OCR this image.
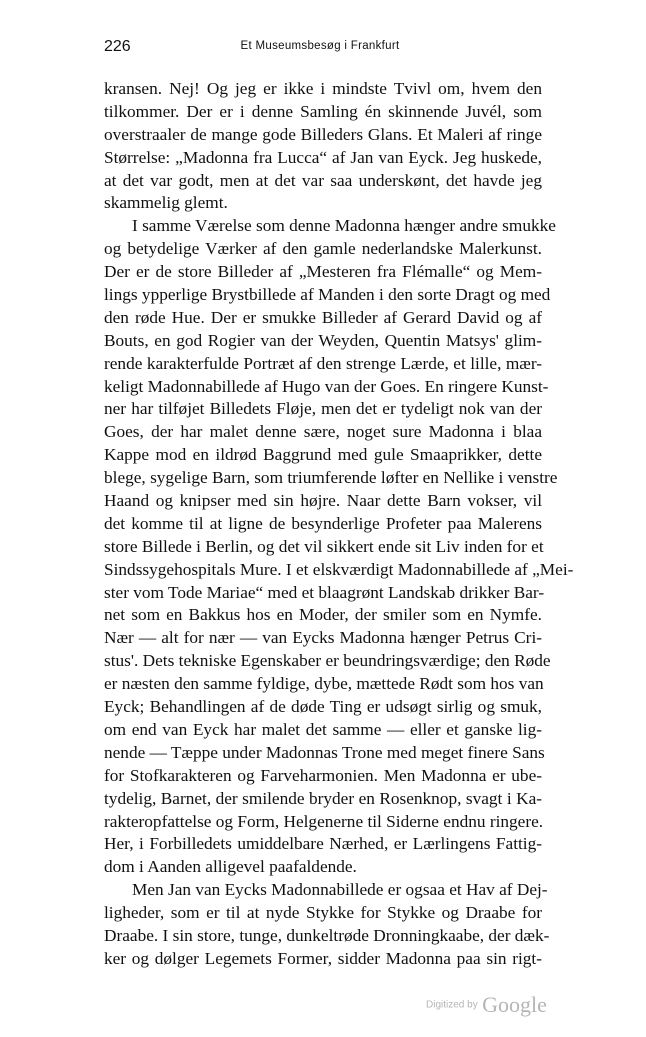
226	Et Museumsbesøg i Frankfurt
kransen. Nej! Og jeg er ikke i mindste Tvivl om, hvem den
tilkommer. Der er i denne Samling én skinnende Juvél, som
overstraaler de mange gode Billeders Glans. Et Maleri af ringe
Størrelse: „Madonna fra Lucca“ af Jan van Eyck. Jeg huskede,
at det var godt, men at det var saa underskønt, det havde jeg
skammelig glemt.
I samme Værelse som denne Madonna hænger andre smukke
og betydelige Værker af den gamle nederlandske Malerkunst.
Der er de store Billeder af „Mesteren fra Flémalle“ og Mem-
lings ypperlige Brystbillede af Manden i den sorte Dragt og med
den røde Hue. Der er smukke Billeder af Gerard David og af
Bouts, en god Rogier van der Weyden, Quentin Matsys' glim-
rende karakterfulde Portræt af den strenge Lærde, et lille, mær-
keligt Madonnabillede af Hugo van der Goes. En ringere Kunst-
ner har tilføjet Billedets Fløje, men det er tydeligt nok van der
Goes, der har malet denne sære, noget sure Madonna i blaa
Kappe mod en ildrød Baggrund med gule Smaaprikker, dette
blege, sygelige Barn, som triumferende løfter en Nellike i venstre
Haand og knipser med sin højre. Naar dette Barn vokser, vil
det komme til at ligne de besynderlige Profeter paa Malerens
store Billede i Berlin, og det vil sikkert ende sit Liv inden for et
Sindssygehospitals Mure. I et elskværdigt Madonnabillede af „Mei-
ster vom Tode Mariae“ med et blaagrønt Landskab drikker Bar-
net som en Bakkus hos en Moder, der smiler som en Nymfe.
Nær — alt for nær — van Eycks Madonna hænger Petrus Cri-
stus'. Dets tekniske Egenskaber er beundringsværdige; den Røde
er næsten den samme fyldige, dybe, mættede Rødt som hos van
Eyck; Behandlingen af de døde Ting er udsøgt sirlig og smuk,
om end van Eyck har malet det samme — eller et ganske lig-
nende — Tæppe under Madonnas Trone med meget finere Sans
for Stofkarakteren og Farveharmonien. Men Madonna er ube-
tydelig, Barnet, der smilende bryder en Rosenknop, svagt i Ka-
rakteropfattelse og Form, Helgenerne til Siderne endnu ringere.
Her, i Forbilledets umiddelbare Nærhed, er Lærlingens Fattig-
dom i Aanden alligevel paafaldende.
Men Jan van Eycks Madonnabillede er ogsaa et Hav af Dej-
ligheder, som er til at nyde Stykke for Stykke og Draabe for
Draabe. I sin store, tunge, dunkeltrøde Dronningkaabe, der dæk-
ker og dølger Legemets Former, sidder Madonna paa sin rigt-
Digitized by Google
